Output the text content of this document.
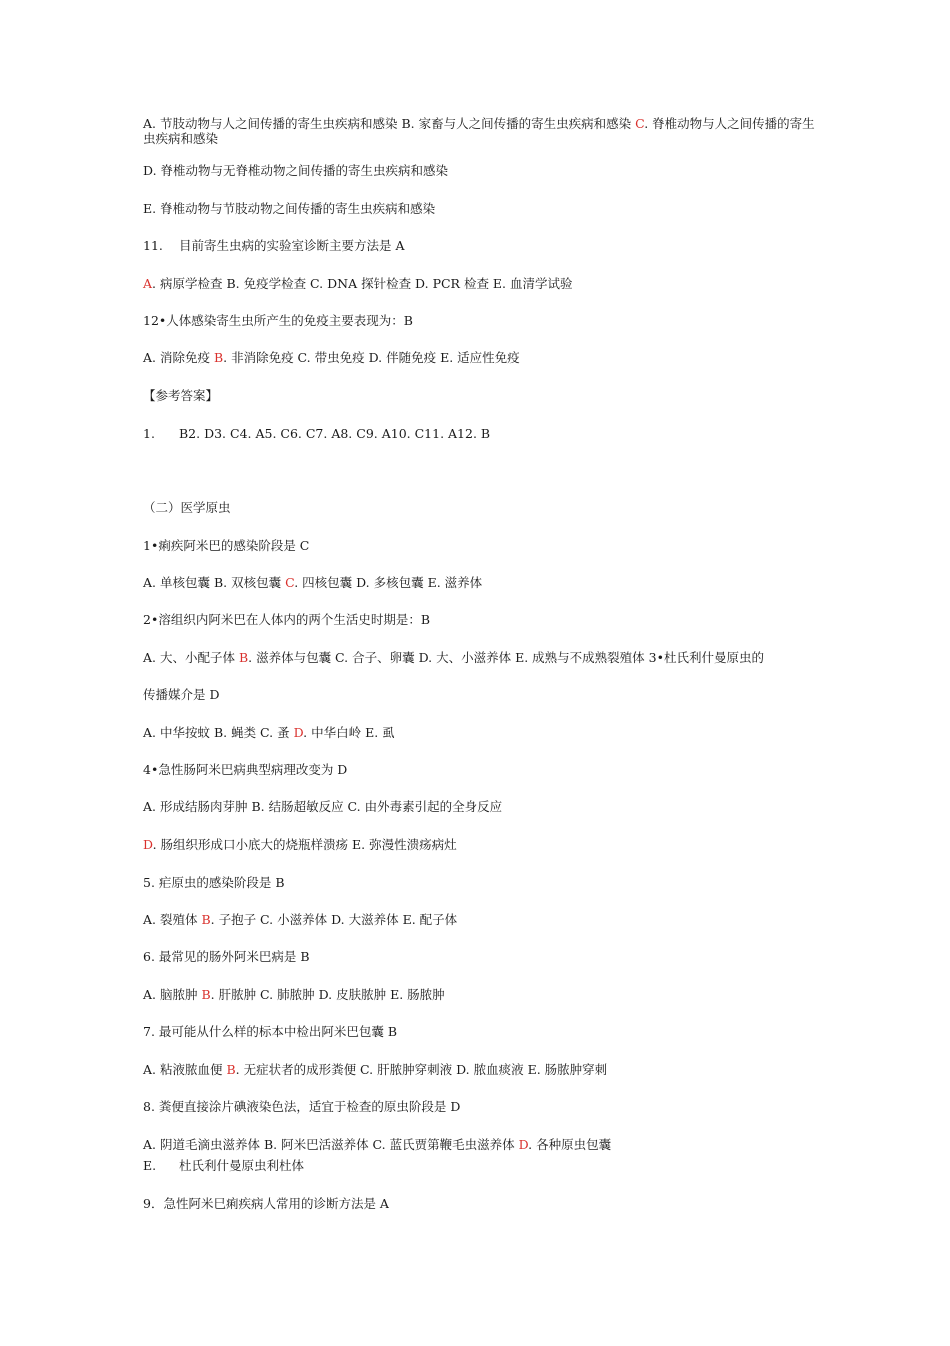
A. 节肢动物与人之间传播的寄生虫疾病和感染 B. 家畜与人之间传播的寄生虫疾病和感染 C. 脊椎动物与人之间传播的寄生虫疾病和感染
D. 脊椎动物与无脊椎动物之间传播的寄生虫疾病和感染
E. 脊椎动物与节肢动物之间传播的寄生虫疾病和感染
11. 目前寄生虫病的实验室诊断主要方法是 A
A. 病原学检查 B. 免疫学检查 C. DNA 探针检查 D. PCR 检查 E. 血清学试验
12•人体感染寄生虫所产生的免疫主要表现为：B
A. 消除免疫 B. 非消除免疫 C. 带虫免疫 D. 伴随免疫 E. 适应性免疫
【参考答案】
1. B2. D3. C4. A5. C6. C7. A8. C9. A10. C11. A12. B
（二）医学原虫
1•痢疾阿米巴的感染阶段是 C
A. 单核包囊 B. 双核包囊 C. 四核包囊 D. 多核包囊 E. 滋养体
2•溶组织内阿米巴在人体内的两个生活史时期是：B
A. 大、小配子体 B. 滋养体与包囊 C. 合子、卵囊 D. 大、小滋养体 E. 成熟与不成熟裂殖体 3•杜氏利什曼原虫的
传播媒介是 D
A. 中华按蚊 B. 蝇类 C. 蚤 D. 中华白岭 E. 虱
4•急性肠阿米巴病典型病理改变为 D
A. 形成结肠肉芽肿 B. 结肠超敏反应 C. 由外毒素引起的全身反应
D. 肠组织形成口小底大的烧瓶样溃疡 E. 弥漫性溃疡病灶
5. 疟原虫的感染阶段是 B
A. 裂殖体 B. 子抱子 C. 小滋养体 D. 大滋养体 E. 配子体
6. 最常见的肠外阿米巴病是 B
A. 脑脓肿 B. 肝脓肿 C. 肺脓肿 D. 皮肤脓肿 E. 肠脓肿
7. 最可能从什么样的标本中检出阿米巴包囊 B
A. 粘液脓血便 B. 无症状者的成形粪便 C. 肝脓肿穿刺液 D. 脓血痰液 E. 肠脓肿穿刺
8. 粪便直接涂片碘液染色法，适宜于检查的原虫阶段是 D
A. 阴道毛滴虫滋养体 B. 阿米巴活滋养体 C. 蓝氏贾第鞭毛虫滋养体 D. 各种原虫包囊
E. 杜氏利什曼原虫利杜体
9．急性阿米巳痢疾病人常用的诊断方法是 A
